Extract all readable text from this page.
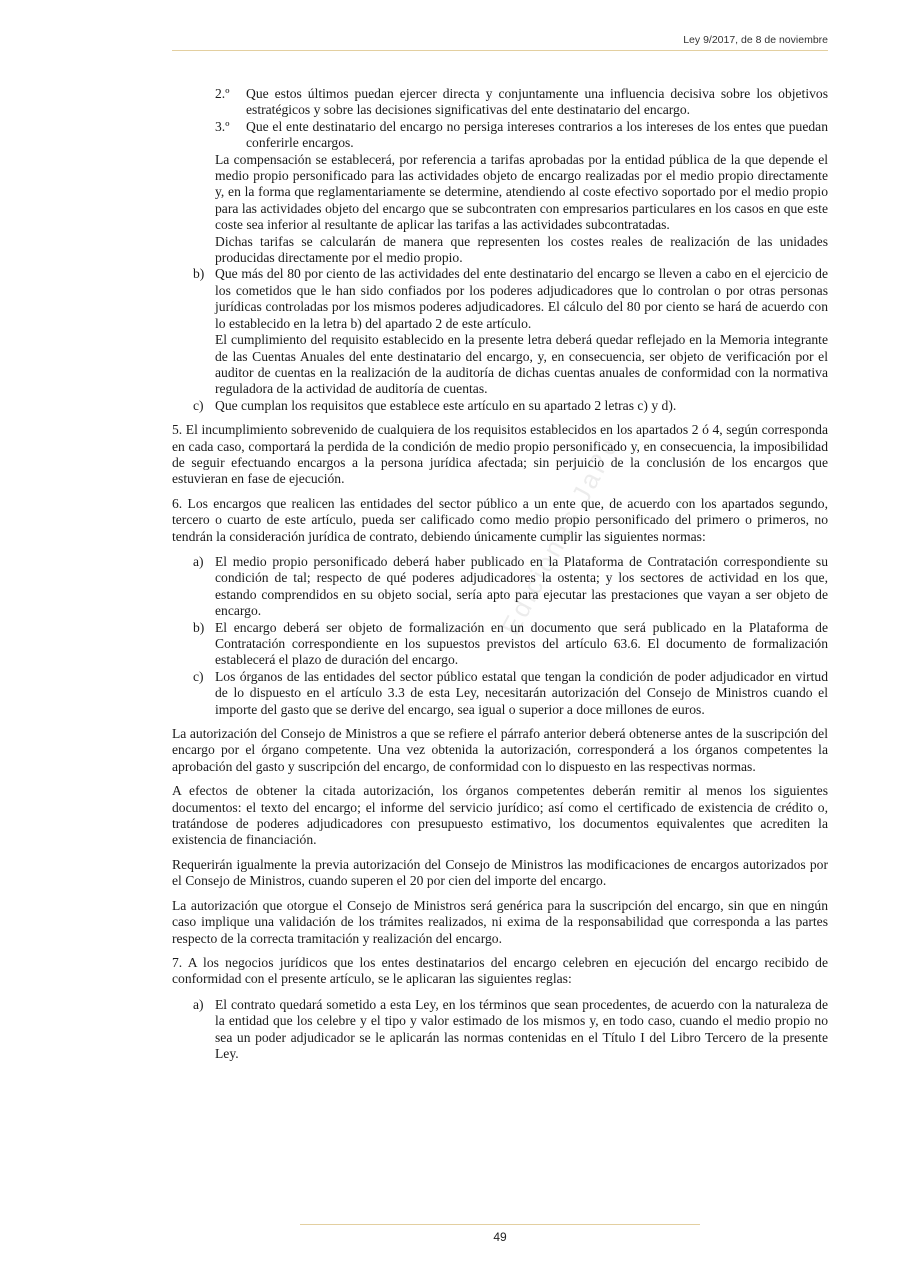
Ley 9/2017, de 8 de noviembre
Ediciones JaPe
2.º	Que estos últimos puedan ejercer directa y conjuntamente una influencia decisiva sobre los objetivos estratégicos y sobre las decisiones significativas del ente destinatario del encargo.
3.º	Que el ente destinatario del encargo no persiga intereses contrarios a los intereses de los entes que puedan conferirle encargos.

La compensación se establecerá, por referencia a tarifas aprobadas por la entidad pública de la que depende el medio propio personificado para las actividades objeto de encargo realizadas por el medio propio directamente y, en la forma que reglamentariamente se determine, atendiendo al coste efectivo soportado por el medio propio para las actividades objeto del encargo que se subcontraten con empresarios particulares en los casos en que este coste sea inferior al resultante de aplicar las tarifas a las actividades subcontratadas.

Dichas tarifas se calcularán de manera que representen los costes reales de realización de las unidades producidas directamente por el medio propio.

b) Que más del 80 por ciento de las actividades del ente destinatario del encargo se lleven a cabo en el ejercicio de los cometidos que le han sido confiados por los poderes adjudicadores que lo controlan o por otras personas jurídicas controladas por los mismos poderes adjudicadores. El cálculo del 80 por ciento se hará de acuerdo con lo establecido en la letra b) del apartado 2 de este artículo.

El cumplimiento del requisito establecido en la presente letra deberá quedar reflejado en la Memoria integrante de las Cuentas Anuales del ente destinatario del encargo, y, en consecuencia, ser objeto de verificación por el auditor de cuentas en la realización de la auditoría de dichas cuentas anuales de conformidad con la normativa reguladora de la actividad de auditoría de cuentas.

c) Que cumplan los requisitos que establece este artículo en su apartado 2 letras c) y d).

5. El incumplimiento sobrevenido de cualquiera de los requisitos establecidos en los apartados 2 ó 4, según corresponda en cada caso, comportará la perdida de la condición de medio propio personificado y, en consecuencia, la imposibilidad de seguir efectuando encargos a la persona jurídica afectada; sin perjuicio de la conclusión de los encargos que estuvieran en fase de ejecución.

6. Los encargos que realicen las entidades del sector público a un ente que, de acuerdo con los apartados segundo, tercero o cuarto de este artículo, pueda ser calificado como medio propio personificado del primero o primeros, no tendrán la consideración jurídica de contrato, debiendo únicamente cumplir las siguientes normas:

a) El medio propio personificado deberá haber publicado en la Plataforma de Contratación correspondiente su condición de tal; respecto de qué poderes adjudicadores la ostenta; y los sectores de actividad en los que, estando comprendidos en su objeto social, sería apto para ejecutar las prestaciones que vayan a ser objeto de encargo.
b) El encargo deberá ser objeto de formalización en un documento que será publicado en la Plataforma de Contratación correspondiente en los supuestos previstos del artículo 63.6. El documento de formalización establecerá el plazo de duración del encargo.
c) Los órganos de las entidades del sector público estatal que tengan la condición de poder adjudicador en virtud de lo dispuesto en el artículo 3.3 de esta Ley, necesitarán autorización del Consejo de Ministros cuando el importe del gasto que se derive del encargo, sea igual o superior a doce millones de euros.

La autorización del Consejo de Ministros a que se refiere el párrafo anterior deberá obtenerse antes de la suscripción del encargo por el órgano competente. Una vez obtenida la autorización, corresponderá a los órganos competentes la aprobación del gasto y suscripción del encargo, de conformidad con lo dispuesto en las respectivas normas.

A efectos de obtener la citada autorización, los órganos competentes deberán remitir al menos los siguientes documentos: el texto del encargo; el informe del servicio jurídico; así como el certificado de existencia de crédito o, tratándose de poderes adjudicadores con presupuesto estimativo, los documentos equivalentes que acrediten la existencia de financiación.

Requerirán igualmente la previa autorización del Consejo de Ministros las modificaciones de encargos autorizados por el Consejo de Ministros, cuando superen el 20 por cien del importe del encargo.

La autorización que otorgue el Consejo de Ministros será genérica para la suscripción del encargo, sin que en ningún caso implique una validación de los trámites realizados, ni exima de la responsabilidad que corresponda a las partes respecto de la correcta tramitación y realización del encargo.

7. A los negocios jurídicos que los entes destinatarios del encargo celebren en ejecución del encargo recibido de conformidad con el presente artículo, se le aplicaran las siguientes reglas:

a) El contrato quedará sometido a esta Ley, en los términos que sean procedentes, de acuerdo con la naturaleza de la entidad que los celebre y el tipo y valor estimado de los mismos y, en todo caso, cuando el medio propio no sea un poder adjudicador se le aplicarán las normas contenidas en el Título I del Libro Tercero de la presente Ley.
49
